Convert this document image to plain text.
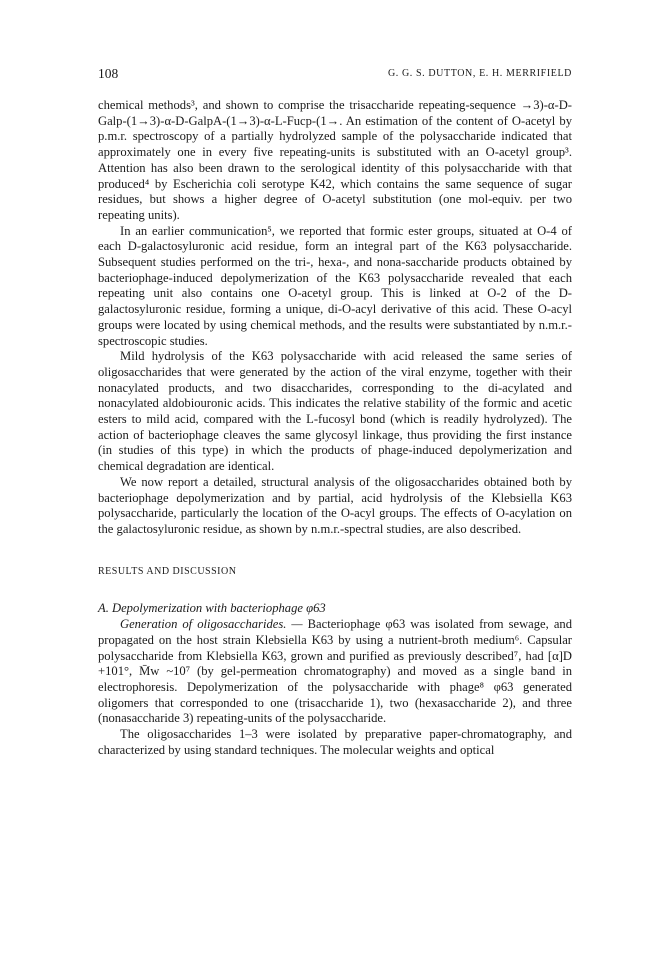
108	G. G. S. DUTTON, E. H. MERRIFIELD

chemical methods³, and shown to comprise the trisaccharide repeating-sequence →3)-α-D-Galp-(1→3)-α-D-GalpA-(1→3)-α-L-Fucp-(1→. An estimation of the content of O-acetyl by p.m.r. spectroscopy of a partially hydrolyzed sample of the polysaccharide indicated that approximately one in every five repeating-units is substituted with an O-acetyl group³. Attention has also been drawn to the serological identity of this polysaccharide with that produced⁴ by Escherichia coli serotype K42, which contains the same sequence of sugar residues, but shows a higher degree of O-acetyl substitution (one mol-equiv. per two repeating units).

In an earlier communication⁵, we reported that formic ester groups, situated at O-4 of each D-galactosyluronic acid residue, form an integral part of the K63 polysaccharide. Subsequent studies performed on the tri-, hexa-, and nona-saccharide products obtained by bacteriophage-induced depolymerization of the K63 polysaccharide revealed that each repeating unit also contains one O-acetyl group. This is linked at O-2 of the D-galactosyluronic residue, forming a unique, di-O-acyl derivative of this acid. These O-acyl groups were located by using chemical methods, and the results were substantiated by n.m.r.-spectroscopic studies.

Mild hydrolysis of the K63 polysaccharide with acid released the same series of oligosaccharides that were generated by the action of the viral enzyme, together with their nonacylated products, and two disaccharides, corresponding to the di-acylated and nonacylated aldobiouronic acids. This indicates the relative stability of the formic and acetic esters to mild acid, compared with the L-fucosyl bond (which is readily hydrolyzed). The action of bacteriophage cleaves the same glycosyl linkage, thus providing the first instance (in studies of this type) in which the products of phage-induced depolymerization and chemical degradation are identical.

We now report a detailed, structural analysis of the oligosaccharides obtained both by bacteriophage depolymerization and by partial, acid hydrolysis of the Klebsiella K63 polysaccharide, particularly the location of the O-acyl groups. The effects of O-acylation on the galactosyluronic residue, as shown by n.m.r.-spectral studies, are also described.

RESULTS AND DISCUSSION

A. Depolymerization with bacteriophage φ63

Generation of oligosaccharides. — Bacteriophage φ63 was isolated from sewage, and propagated on the host strain Klebsiella K63 by using a nutrient-broth medium⁶. Capsular polysaccharide from Klebsiella K63, grown and purified as previously described⁷, had [α]D +101°, M̄w ~10⁷ (by gel-permeation chromatography) and moved as a single band in electrophoresis. Depolymerization of the polysaccharide with phage⁸ φ63 generated oligomers that corresponded to one (trisaccharide 1), two (hexasaccharide 2), and three (nonasaccharide 3) repeating-units of the polysaccharide.

The oligosaccharides 1–3 were isolated by preparative paper-chromatography, and characterized by using standard techniques. The molecular weights and optical
